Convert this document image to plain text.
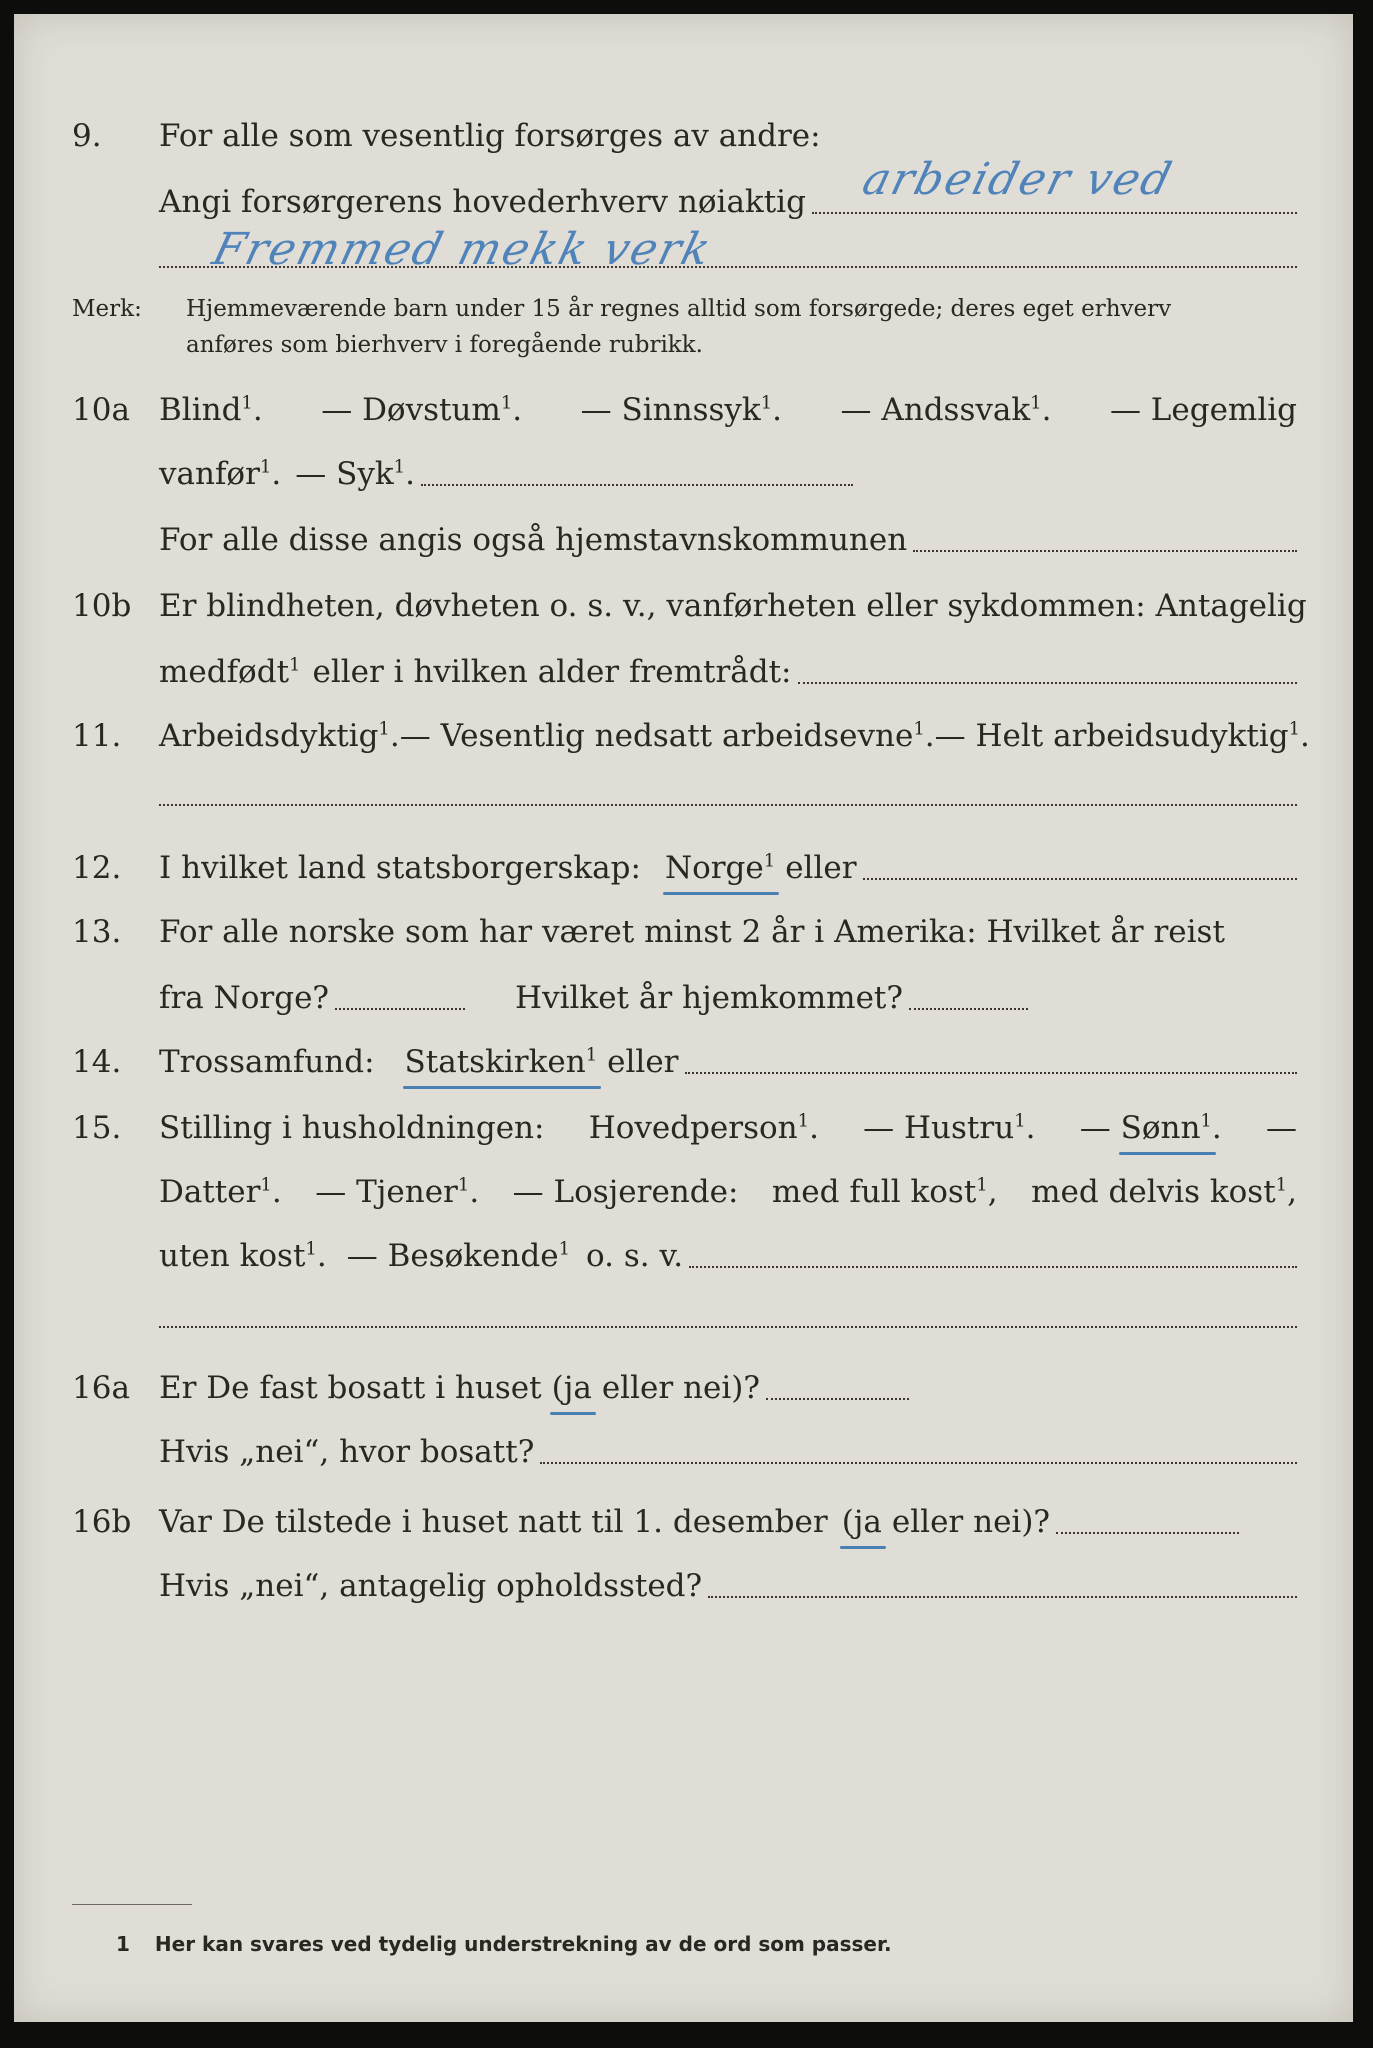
9. For alle som vesentlig forsørges av andre:
Angi forsørgerens hovederhverv nøiaktig arbeider ved
Fremmed mekk verk
Merk: Hjemmeværende barn under 15 år regnes alltid som forsørgede; deres eget erhverv
anføres som bierhverv i foregående rubrikk.
10a Blind$^1$. — Døvstum$^1$. — Sinnssyk$^1$. — Andssvak$^1$. — Legemlig
vanfør$^1$. — Syk$^1$.
For alle disse angis også hjemstavnskommunen
10b Er blindheten, døvheten o. s. v., vanførheten eller sykdommen: Antagelig
medfødt$^1$ eller i hvilken alder fremtrådt:
11. Arbeidsdyktig$^1$. — Vesentlig nedsatt arbeidsevne$^1$. — Helt arbeidsudyktig$^1$.
12. I hvilket land statsborgerskap: Norge$^1$ eller
13. For alle norske som har været minst 2 år i Amerika: Hvilket år reist
fra Norge?	Hvilket år hjemkommet?
14. Trossamfund: Statskirken$^1$ eller
15. Stilling i husholdningen: Hovedperson$^1$. — Hustru$^1$. — Sønn$^1$. —
Datter$^1$. — Tjener$^1$. — Losjerende: med full kost$^1$, med delvis kost$^1$,
uten kost$^1$. — Besøkende$^1$ o. s. v.
16a Er De fast bosatt i huset (ja eller nei)?
Hvis „nei“, hvor bosatt?
16b Var De tilstede i huset natt til 1. desember (ja eller nei)?
Hvis „nei“, antagelig opholdssted?
1 Her kan svares ved tydelig understrekning av de ord som passer.
